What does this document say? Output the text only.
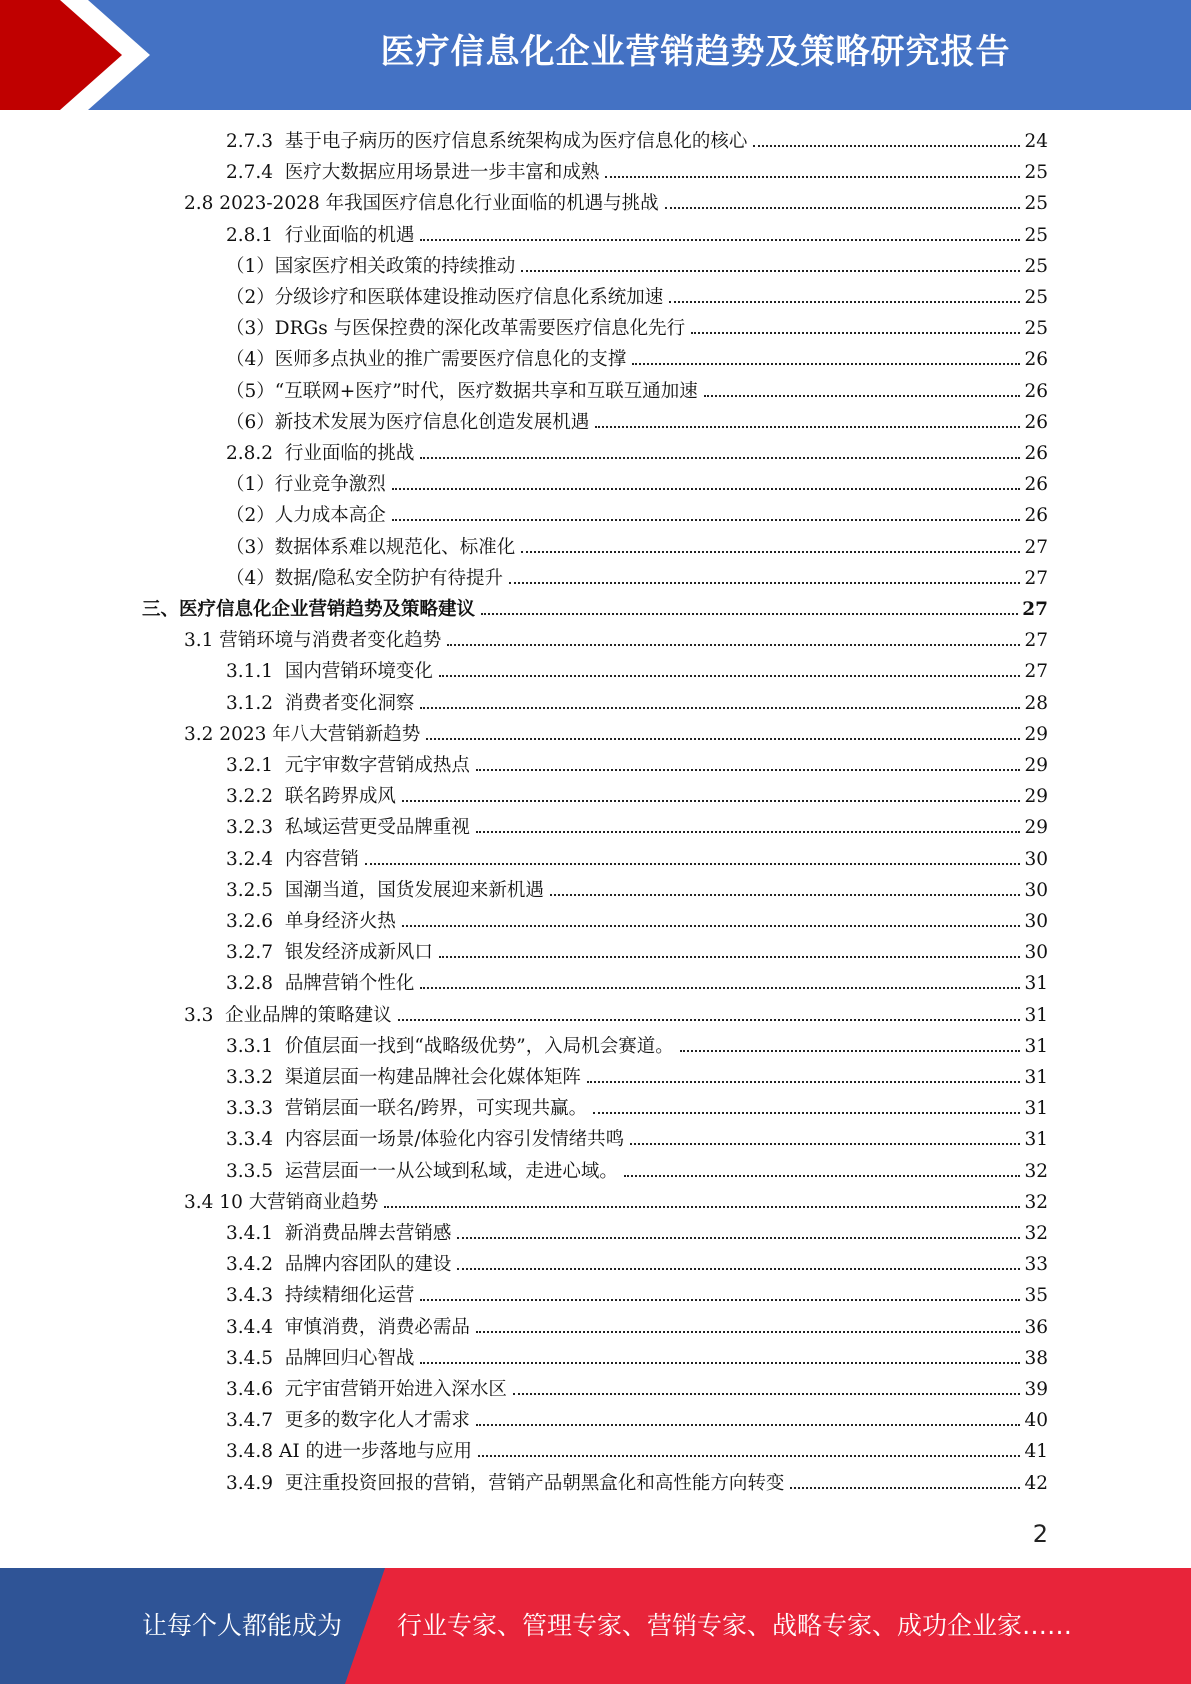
医疗信息化企业营销趋势及策略研究报告
2.7.3  基于电子病历的医疗信息系统架构成为医疗信息化的核心	24
2.7.4  医疗大数据应用场景进一步丰富和成熟	25
2.8 2023-2028 年我国医疗信息化行业面临的机遇与挑战	25
2.8.1  行业面临的机遇	25
（1）国家医疗相关政策的持续推动	25
（2）分级诊疗和医联体建设推动医疗信息化系统加速	25
（3）DRGs 与医保控费的深化改革需要医疗信息化先行	25
（4）医师多点执业的推广需要医疗信息化的支撑	26
（5）“互联网+医疗”时代，医疗数据共享和互联互通加速	26
（6）新技术发展为医疗信息化创造发展机遇	26
2.8.2  行业面临的挑战	26
（1）行业竞争激烈	26
（2）人力成本高企	26
（3）数据体系难以规范化、标准化	27
（4）数据/隐私安全防护有待提升	27
三、医疗信息化企业营销趋势及策略建议	27
3.1 营销环境与消费者变化趋势	27
3.1.1  国内营销环境变化	27
3.1.2  消费者变化洞察	28
3.2 2023 年八大营销新趋势	29
3.2.1  元宇审数字营销成热点	29
3.2.2  联名跨界成风	29
3.2.3  私域运营更受品牌重视	29
3.2.4  内容营销	30
3.2.5  国潮当道，国货发展迎来新机遇	30
3.2.6  单身经济火热	30
3.2.7  银发经济成新风口	30
3.2.8  品牌营销个性化	31
3.3  企业品牌的策略建议	31
3.3.1  价值层面一找到“战略级优势”，入局机会赛道。	31
3.3.2  渠道层面一构建品牌社会化媒体矩阵	31
3.3.3  营销层面一联名/跨界，可实现共赢。	31
3.3.4  内容层面一场景/体验化内容引发情绪共鸣	31
3.3.5  运营层面一一从公域到私域，走进心域。	32
3.4 10 大营销商业趋势	32
3.4.1  新消费品牌去营销感	32
3.4.2  品牌内容团队的建设	33
3.4.3  持续精细化运营	35
3.4.4  审慎消费，消费必需品	36
3.4.5  品牌回归心智战	38
3.4.6  元宇宙营销开始进入深水区	39
3.4.7  更多的数字化人才需求	40
3.4.8 AI 的进一步落地与应用	41
3.4.9  更注重投资回报的营销，营销产品朝黑盒化和高性能方向转变	42
2
让每个人都能成为 行业专家、管理专家、营销专家、战略专家、成功企业家……
